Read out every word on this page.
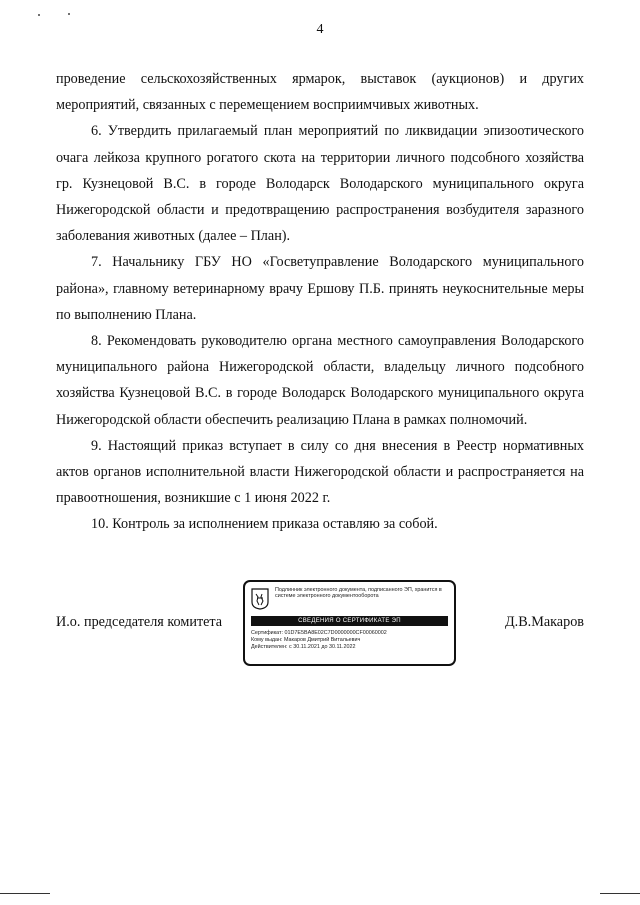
4

проведение сельскохозяйственных ярмарок, выставок (аукционов) и других мероприятий, связанных с перемещением восприимчивых животных.

6. Утвердить прилагаемый план мероприятий по ликвидации эпизоотического очага лейкоза крупного рогатого скота на территории личного подсобного хозяйства гр. Кузнецовой В.С. в городе Володарск Володарского муниципального округа Нижегородской области и предотвращению распространения возбудителя заразного заболевания животных (далее – План).

7. Начальнику ГБУ НО «Госветуправление Володарского муниципального района», главному ветеринарному врачу Ершову П.Б. принять неукоснительные меры по выполнению Плана.

8. Рекомендовать руководителю органа местного самоуправления Володарского муниципального района Нижегородской области, владельцу личного подсобного хозяйства Кузнецовой В.С. в городе Володарск Володарского муниципального округа Нижегородской области обеспечить реализацию Плана в рамках полномочий.

9. Настоящий приказ вступает в силу со дня внесения в Реестр нормативных актов органов исполнительной власти Нижегородской области и распространяется на правоотношения, возникшие с 1 июня 2022 г.

10. Контроль за исполнением приказа оставляю за собой.

И.о. председателя комитета
Подлинник электронного документа, подписанного ЭП, хранится в системе электронного документооборота
СВЕДЕНИЯ О СЕРТИФИКАТЕ ЭП
Сертификат: 01D7E5BA8E02C7D0000000CF00060002
Кому выдан: Макаров Дмитрий Витальевич
Действителен: с 30.11.2021 до 30.11.2022
Д.В.Макаров
